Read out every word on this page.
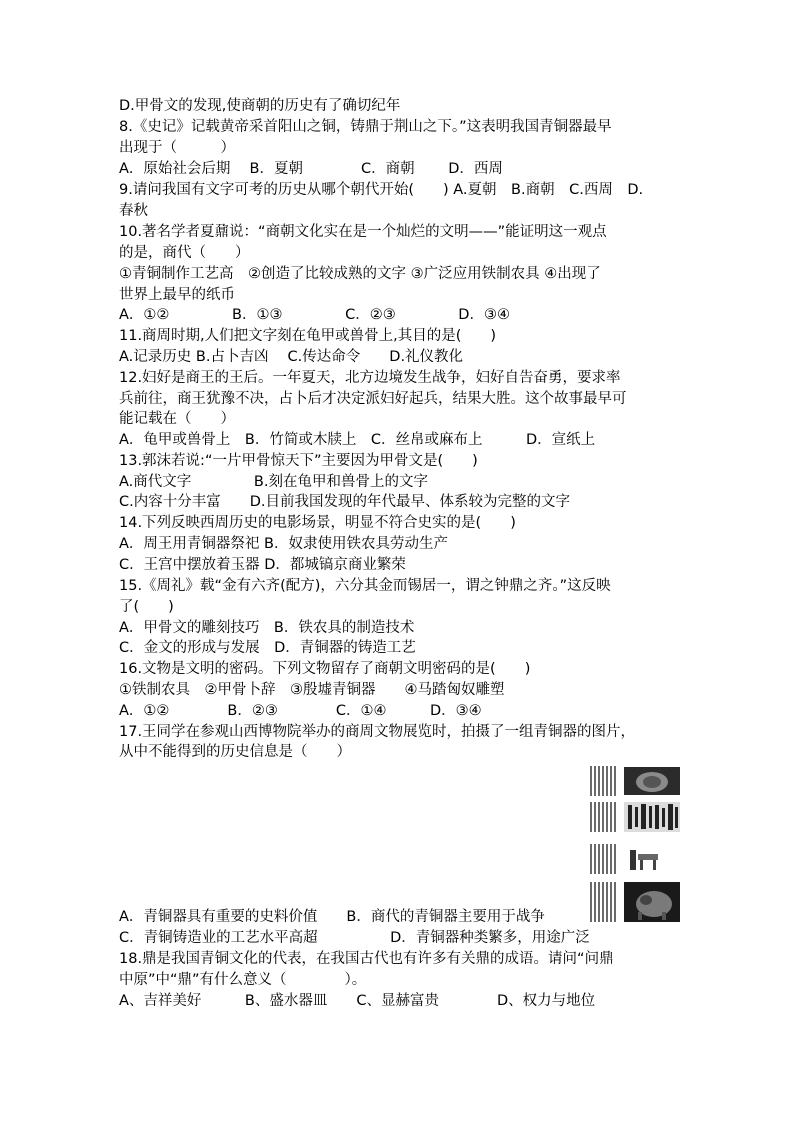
D.甲骨文的发现,使商朝的历史有了确切纪年
8.《史记》记载黄帝采首阳山之铜，铸鼎于荆山之下。”这表明我国青铜器最早
出现于（　　　）
A．原始社会后期　 B．夏朝　　　　C．商朝　　 D．西周
9.请问我国有文字可考的历史从哪个朝代开始(　　) A.夏朝　B.商朝　C.西周　D.
春秋
10.著名学者夏鼐说：“商朝文化实在是一个灿烂的文明——”能证明这一观点
的是，商代（　　）
①青铜制作工艺高　②创造了比较成熟的文字 ③广泛应用铁制农具 ④出现了
世界上最早的纸币
A．①②　　　　 B．①③　　　　 C．②③　　　　 D．③④
11.商周时期,人们把文字刻在龟甲或兽骨上,其目的是(　　)
A.记录历史 B.占卜吉凶　 C.传达命令　　D.礼仪教化
12.妇好是商王的王后。一年夏天，北方边境发生战争，妇好自告奋勇，要求率
兵前往，商王犹豫不决，占卜后才决定派妇好起兵，结果大胜。这个故事最早可
能记载在（　　）
A．龟甲或兽骨上　B．竹简或木牍上　C．丝帛或麻布上　　　D．宣纸上
13.郭沫若说:“一片甲骨惊天下”主要因为甲骨文是(　　)
A.商代文字　　　　 B.刻在龟甲和兽骨上的文字
C.内容十分丰富　　D.目前我国发现的年代最早、体系较为完整的文字
14.下列反映西周历史的电影场景，明显不符合史实的是(　　)
A．周王用青铜器祭祀 B．奴隶使用铁农具劳动生产
C．王宫中摆放着玉器 D．都城镐京商业繁荣
15.《周礼》载“金有六齐(配方)，六分其金而锡居一，谓之钟鼎之齐。”这反映
了(　　)
A．甲骨文的雕刻技巧　B．铁农具的制造技术
C．金文的形成与发展　D．青铜器的铸造工艺
16.文物是文明的密码。下列文物留存了商朝文明密码的是(　　)
①铁制农具　②甲骨卜辞　③殷墟青铜器　　④马踏匈奴雕塑
A．①②　　　　B．②③　　　　C．①④　　　D．③④
17.王同学在参观山西博物院举办的商周文物展览时，拍摄了一组青铜器的图片，
从中不能得到的历史信息是（　　）
A．青铜器具有重要的史料价值　　B．商代的青铜器主要用于战争
C．青铜铸造业的工艺水平高超　　　　　D．青铜器种类繁多，用途广泛
18.鼎是我国青铜文化的代表，在我国古代也有许多有关鼎的成语。请问“问鼎
中原”中“鼎”有什么意义（　　　　）。
A、吉祥美好　　　B、盛水器皿　　C、显赫富贵　　　　D、权力与地位
